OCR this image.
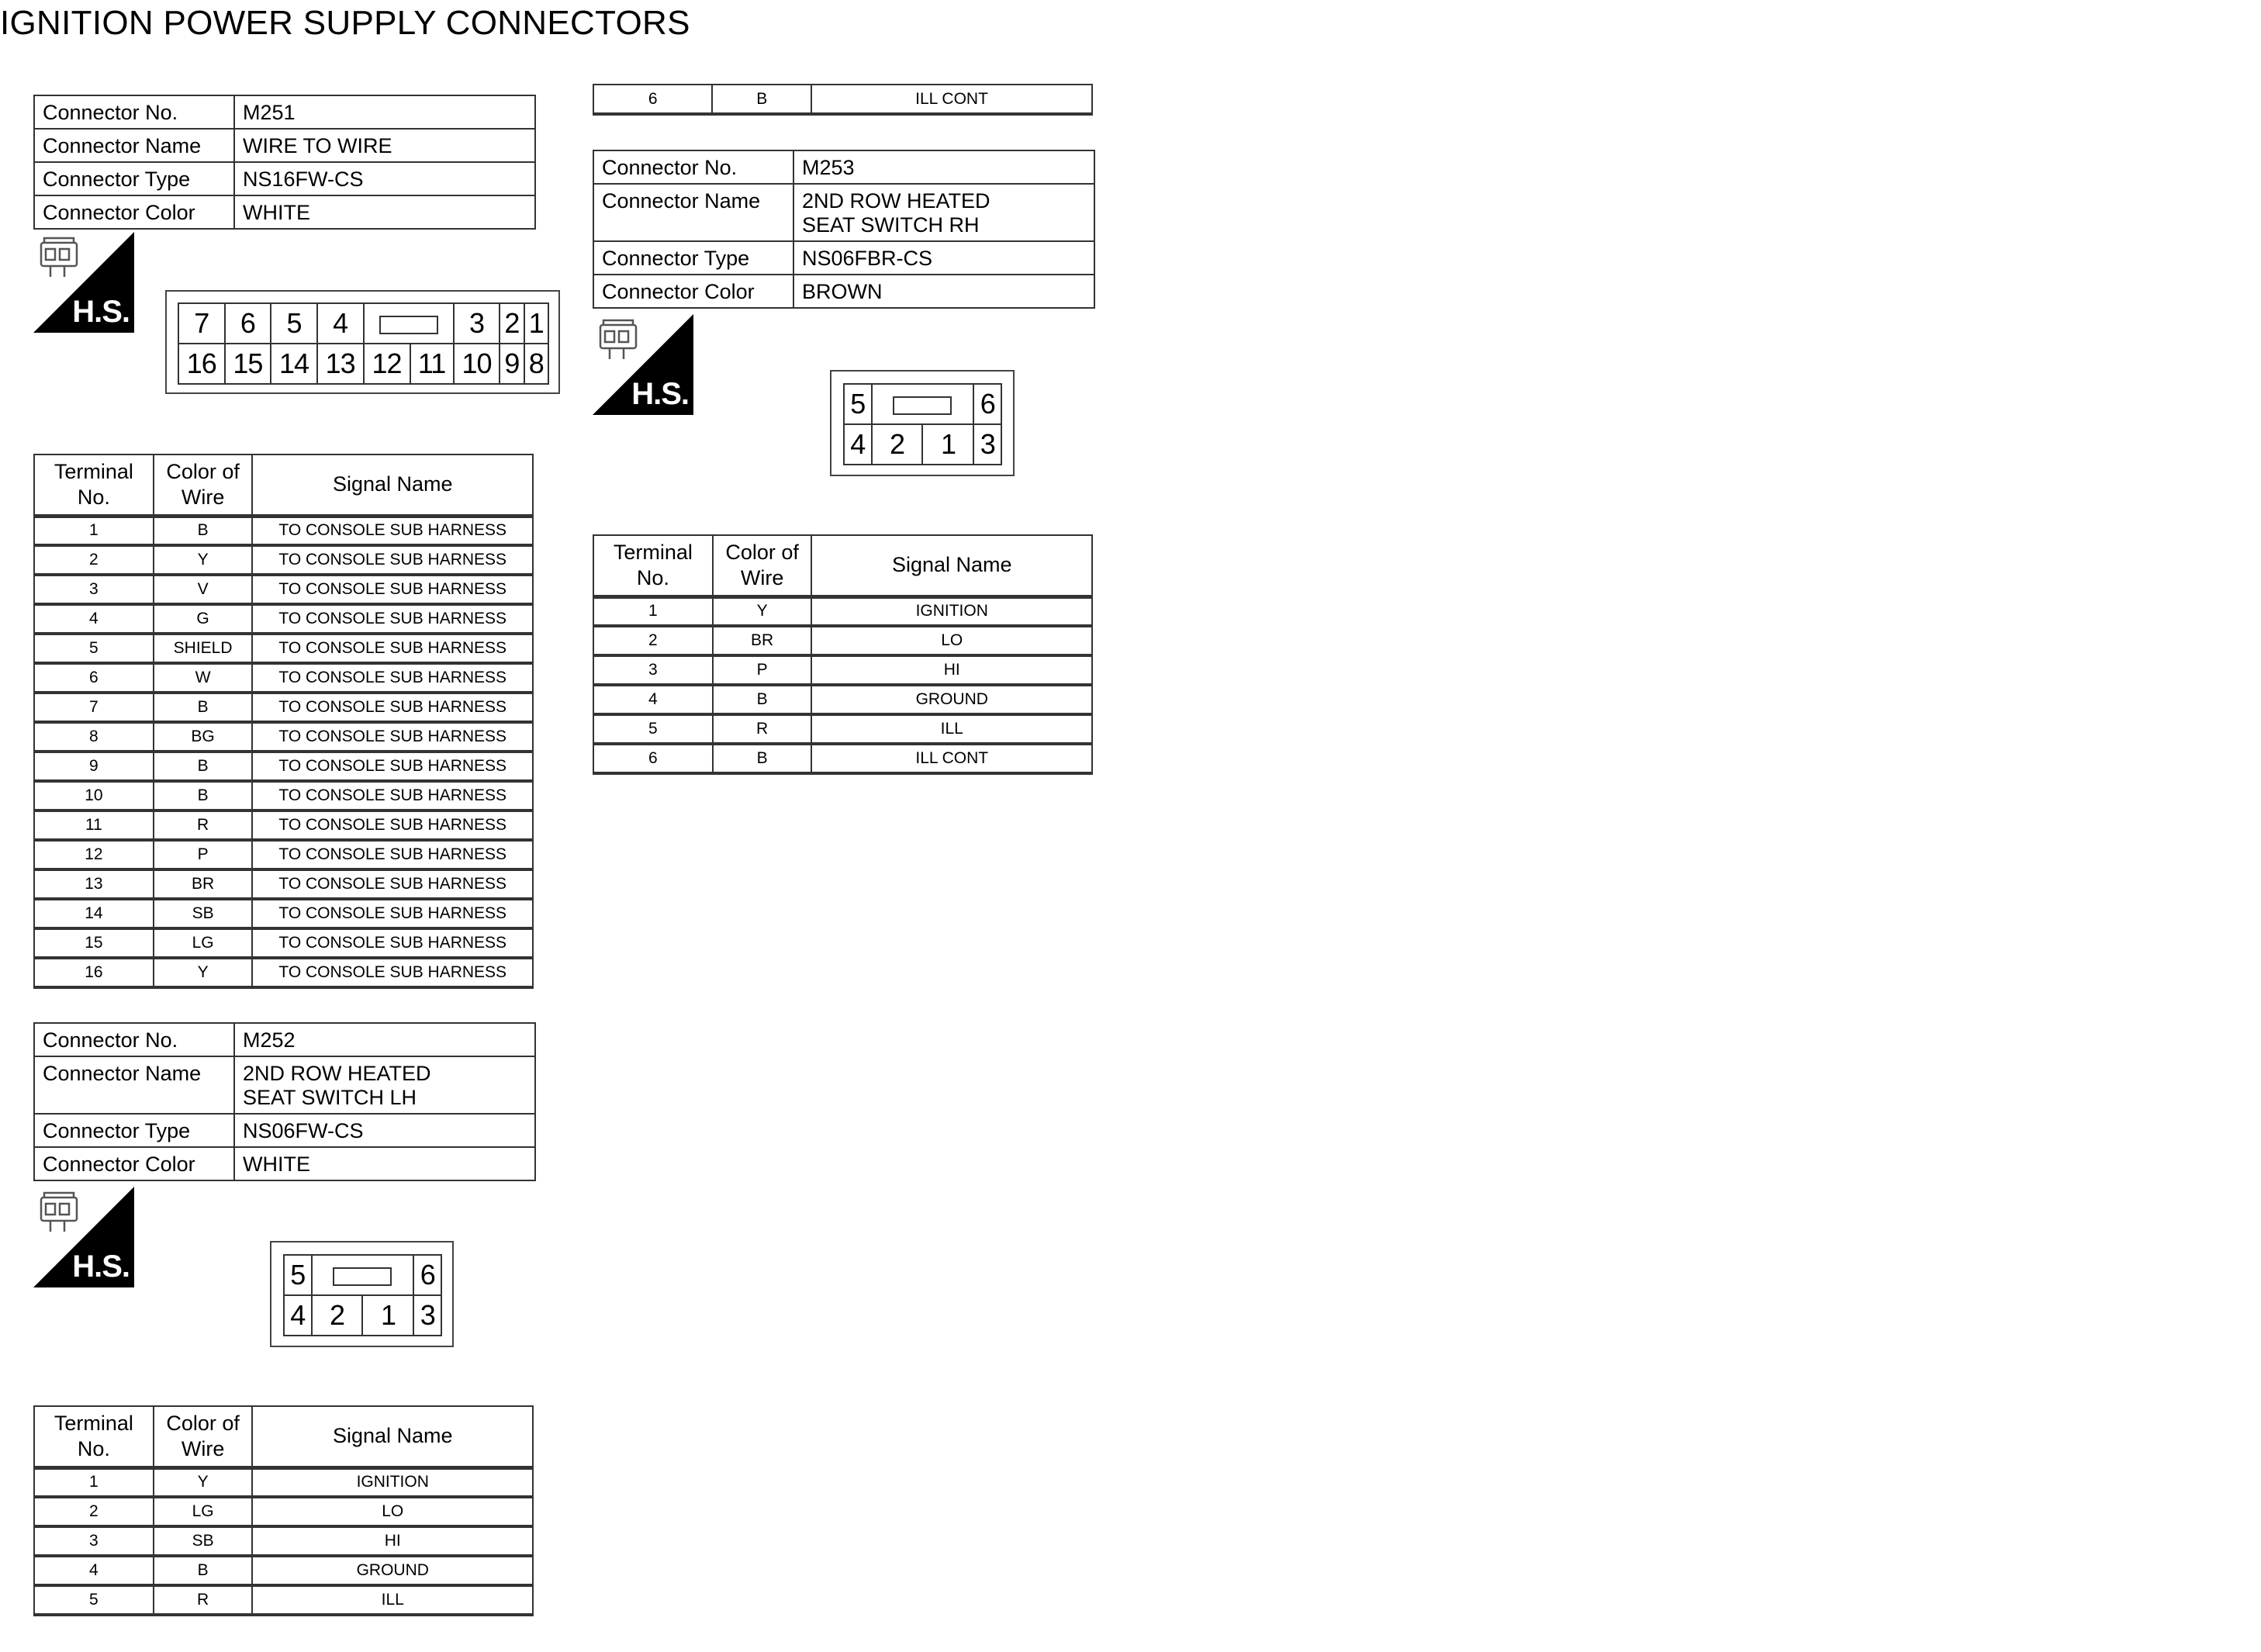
IGNITION POWER SUPPLY CONNECTORS
Connector No.	M251
Connector Name	WIRE TO WIRE
Connector Type	NS16FW-CS
Connector Color	WHITE
H.S. 7	6	5	4			3	2	1
16	15	14	13	12	11	10	9	8
Terminal No.	Color of Wire	Signal Name
1	B	TO CONSOLE SUB HARNESS
2	Y	TO CONSOLE SUB HARNESS
3	V	TO CONSOLE SUB HARNESS
4	G	TO CONSOLE SUB HARNESS
5	SHIELD	TO CONSOLE SUB HARNESS
6	W	TO CONSOLE SUB HARNESS
7	B	TO CONSOLE SUB HARNESS
8	BG	TO CONSOLE SUB HARNESS
9	B	TO CONSOLE SUB HARNESS
10	B	TO CONSOLE SUB HARNESS
11	R	TO CONSOLE SUB HARNESS
12	P	TO CONSOLE SUB HARNESS
13	BR	TO CONSOLE SUB HARNESS
14	SB	TO CONSOLE SUB HARNESS
15	LG	TO CONSOLE SUB HARNESS
16	Y	TO CONSOLE SUB HARNESS
Connector No.	M252
Connector Name	2ND ROW HEATED SEAT SWITCH LH
Connector Type	NS06FW-CS
Connector Color	WHITE
H.S.	5			6
4	2	1	3
Terminal No.	Color of Wire	Signal Name
1	Y	IGNITION
2	LG	LO
3	SB	HI
4	B	GROUND
5	R	ILL
6	B	ILL CONT
Connector No.	M253
Connector Name	2ND ROW HEATED SEAT SWITCH RH
Connector Type	NS06FBR-CS
Connector Color	BROWN
H.S.	5			6
4	2	1	3
Terminal No.	Color of Wire	Signal Name
1	Y	IGNITION
2	BR	LO
3	P	HI
4	B	GROUND
5	R	ILL
6	B	ILL CONT
